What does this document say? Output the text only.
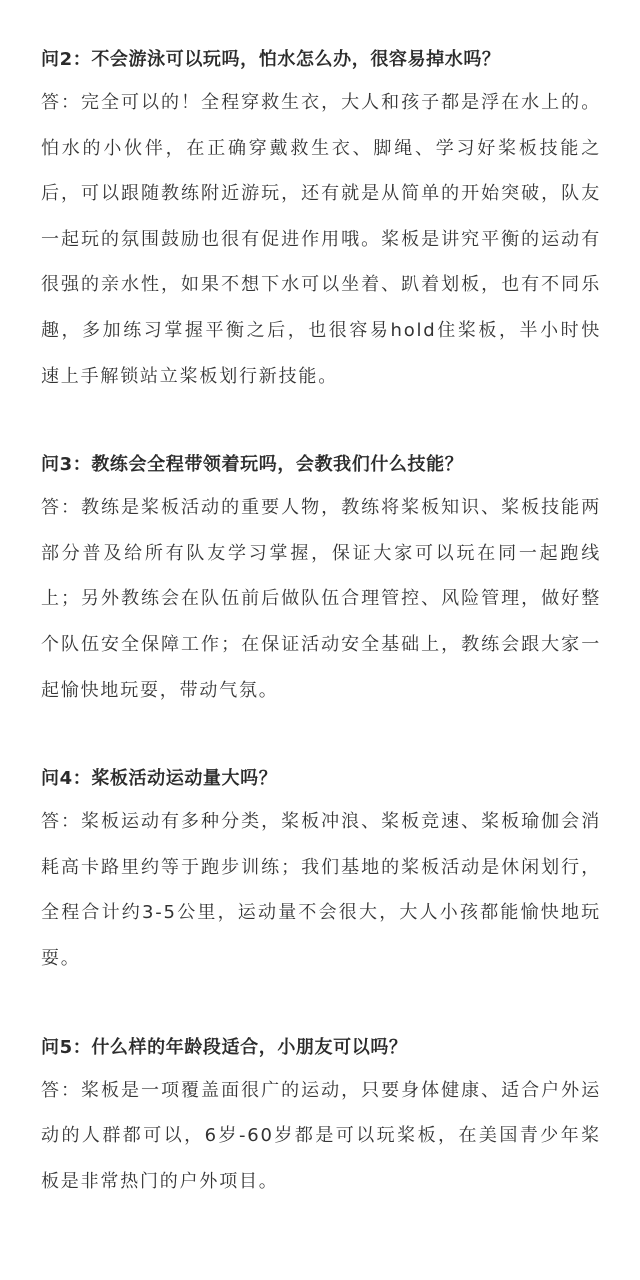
问2：不会游泳可以玩吗，怕水怎么办，很容易掉水吗？

答：完全可以的！全程穿救生衣，大人和孩子都是浮在水上的。怕水的小伙伴，在正确穿戴救生衣、脚绳、学习好桨板技能之后，可以跟随教练附近游玩，还有就是从简单的开始突破，队友一起玩的氛围鼓励也很有促进作用哦。桨板是讲究平衡的运动有很强的亲水性，如果不想下水可以坐着、趴着划板，也有不同乐趣，多加练习掌握平衡之后，也很容易hold住桨板，半小时快速上手解锁站立桨板划行新技能。

问3：教练会全程带领着玩吗，会教我们什么技能？

答：教练是桨板活动的重要人物，教练将桨板知识、桨板技能两部分普及给所有队友学习掌握，保证大家可以玩在同一起跑线上；另外教练会在队伍前后做队伍合理管控、风险管理，做好整个队伍安全保障工作；在保证活动安全基础上，教练会跟大家一起愉快地玩耍，带动气氛。

问4：桨板活动运动量大吗？

答：桨板运动有多种分类，桨板冲浪、桨板竞速、桨板瑜伽会消耗高卡路里约等于跑步训练；我们基地的桨板活动是休闲划行，全程合计约3-5公里，运动量不会很大，大人小孩都能愉快地玩耍。

问5：什么样的年龄段适合，小朋友可以吗？

答：桨板是一项覆盖面很广的运动，只要身体健康、适合户外运动的人群都可以，6岁-60岁都是可以玩桨板，在美国青少年桨板是非常热门的户外项目。
